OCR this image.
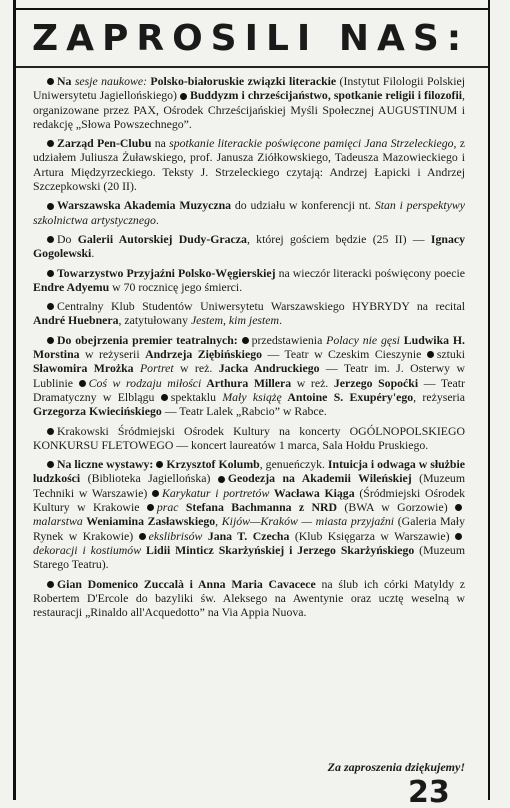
ZAPROSILI NAS:

Na sesje naukowe: Polsko-białoruskie związki literackie (Instytut Filologii Polskiej Uniwersytetu Jagiellońskiego) Buddyzm i chrześcijaństwo, spotkanie religii i filozofii, organizowane przez PAX, Ośrodek Chrześcijańskiej Myśli Społecznej AUGUSTINUM i redakcję „Słowa Powszechnego”.

Zarząd Pen-Clubu na spotkanie literackie poświęcone pamięci Jana Strzeleckiego, z udziałem Juliusza Żuławskiego, prof. Janusza Ziółkowskiego, Tadeusza Mazowieckiego i Artura Międzyrzeckiego. Teksty J. Strzeleckiego czytają: Andrzej Łapicki i Andrzej Szczepkowski (20 II).

Warszawska Akademia Muzyczna do udziału w konferencji nt. Stan i perspektywy szkolnictwa artystycznego.

Do Galerii Autorskiej Dudy-Gracza, której gościem będzie (25 II) — Ignacy Gogolewski.

Towarzystwo Przyjaźni Polsko-Węgierskiej na wieczór literacki poświęcony poecie Endre Adyemu w 70 rocznicę jego śmierci.

Centralny Klub Studentów Uniwersytetu Warszawskiego HYBRYDY na recital André Huebnera, zatytułowany Jestem, kim jestem.

Do obejrzenia premier teatralnych: przedstawienia Polacy nie gęsi Ludwika H. Morstina w reżyserii Andrzeja Ziębińskiego — Teatr w Czeskim Cieszynie sztuki Sławomira Mrożka Portret w reż. Jacka Andruckiego — Teatr im. J. Osterwy w Lublinie Coś w rodzaju miłości Arthura Millera w reż. Jerzego Sopoćki — Teatr Dramatyczny w Elblągu spektaklu Mały książę Antoine S. Exupéry'ego, reżyseria Grzegorza Kwiecińskiego — Teatr Lalek „Rabcio” w Rabce.

Krakowski Śródmiejski Ośrodek Kultury na koncerty OGÓLNOPOLSKIEGO KONKURSU FLETOWEGO — koncert laureatów 1 marca, Sala Hołdu Pruskiego.

Na liczne wystawy: Krzysztof Kolumb, genueńczyk. Intuicja i odwaga w służbie ludzkości (Biblioteka Jagiellońska) Geodezja na Akademii Wileńskiej (Muzeum Techniki w Warszawie) Karykatur i portretów Wacława Kiąga (Śródmiejski Ośrodek Kultury w Krakowie prac Stefana Bachmanna z NRD (BWA w Gorzowie) malarstwa Weniamina Zasławskiego, Kijów—Kraków — miasta przyjaźni (Galeria Mały Rynek w Krakowie) ekslibrisów Jana T. Czecha (Klub Księgarza w Warszawie) dekoracji i kostiumów Lidii Minticz Skarżyńskiej i Jerzego Skarżyńskiego (Muzeum Starego Teatru).

Gian Domenico Zuccalà i Anna Maria Cavacece na ślub ich córki Matyldy z Robertem D'Ercole do bazyliki św. Aleksego na Awentynie oraz ucztę weselną w restauracji „Rinaldo all'Acquedotto” na Via Appia Nuova.

Za zaproszenia dziękujemy!
23
